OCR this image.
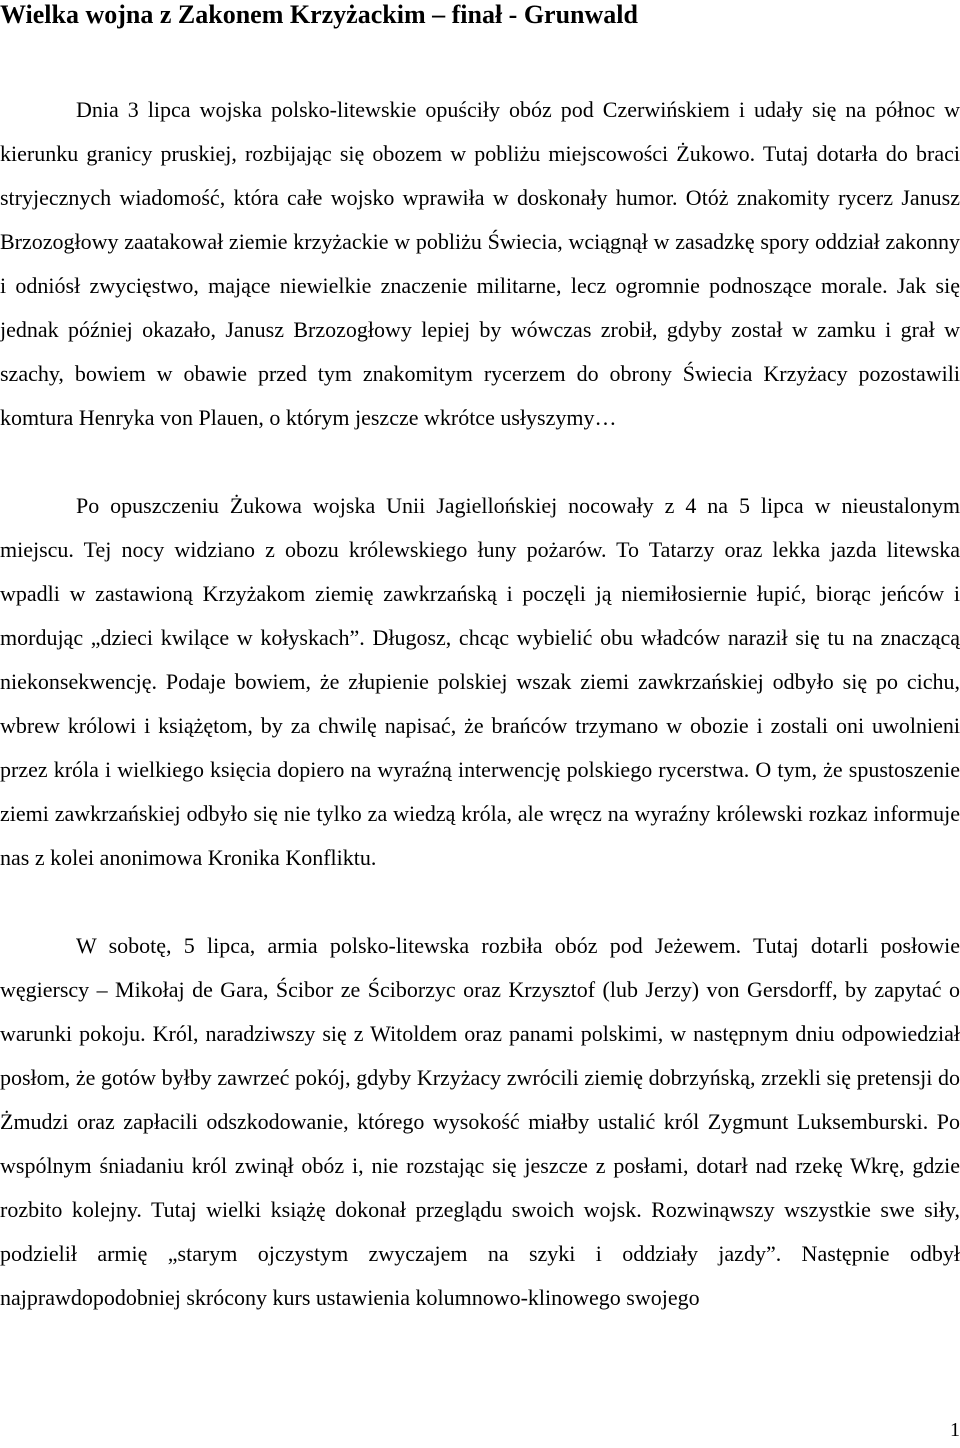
Wielka wojna z Zakonem Krzyżackim – finał - Grunwald

Dnia 3 lipca wojska polsko-litewskie opuściły obóz pod Czerwińskiem i udały się na północ w kierunku granicy pruskiej, rozbijając się obozem w pobliżu miejscowości Żukowo. Tutaj dotarła do braci stryjecznych wiadomość, która całe wojsko wprawiła w doskonały humor. Otóż znakomity rycerz Janusz Brzozogłowy zaatakował ziemie krzyżackie w pobliżu Świecia, wciągnął w zasadzkę spory oddział zakonny i odniósł zwycięstwo, mające niewielkie znaczenie militarne, lecz ogromnie podnoszące morale. Jak się jednak później okazało, Janusz Brzozogłowy lepiej by wówczas zrobił, gdyby został w zamku i grał w szachy, bowiem w obawie przed tym znakomitym rycerzem do obrony Świecia Krzyżacy pozostawili komtura Henryka von Plauen, o którym jeszcze wkrótce usłyszymy…

Po opuszczeniu Żukowa wojska Unii Jagiellońskiej nocowały z 4 na 5 lipca w nieustalonym miejscu. Tej nocy widziano z obozu królewskiego łuny pożarów. To Tatarzy oraz lekka jazda litewska wpadli w zastawioną Krzyżakom ziemię zawkrzańską i poczęli ją niemiłosiernie łupić, biorąc jeńców i mordując „dzieci kwilące w kołyskach”. Długosz, chcąc wybielić obu władców naraził się tu na znaczącą niekonsekwencję. Podaje bowiem, że złupienie polskiej wszak ziemi zawkrzańskiej odbyło się po cichu, wbrew królowi i książętom, by za chwilę napisać, że brańców trzymano w obozie i zostali oni uwolnieni przez króla i wielkiego księcia dopiero na wyraźną interwencję polskiego rycerstwa. O tym, że spustoszenie ziemi zawkrzańskiej odbyło się nie tylko za wiedzą króla, ale wręcz na wyraźny królewski rozkaz informuje nas z kolei anonimowa Kronika Konfliktu.

W sobotę, 5 lipca, armia polsko-litewska rozbiła obóz pod Jeżewem. Tutaj dotarli posłowie węgierscy – Mikołaj de Gara, Ścibor ze Ściborzyc oraz Krzysztof (lub Jerzy) von Gersdorff, by zapytać o warunki pokoju. Król, naradziwszy się z Witoldem oraz panami polskimi, w następnym dniu odpowiedział posłom, że gotów byłby zawrzeć pokój, gdyby Krzyżacy zwrócili ziemię dobrzyńską, zrzekli się pretensji do Żmudzi oraz zapłacili odszkodowanie, którego wysokość miałby ustalić król Zygmunt Luksemburski. Po wspólnym śniadaniu król zwinął obóz i, nie rozstając się jeszcze z posłami, dotarł nad rzekę Wkrę, gdzie rozbito kolejny. Tutaj wielki książę dokonał przeglądu swoich wojsk. Rozwinąwszy wszystkie swe siły, podzielił armię „starym ojczystym zwyczajem na szyki i oddziały jazdy”. Następnie odbył najprawdopodobniej skrócony kurs ustawienia kolumnowo-klinowego swojego

1
